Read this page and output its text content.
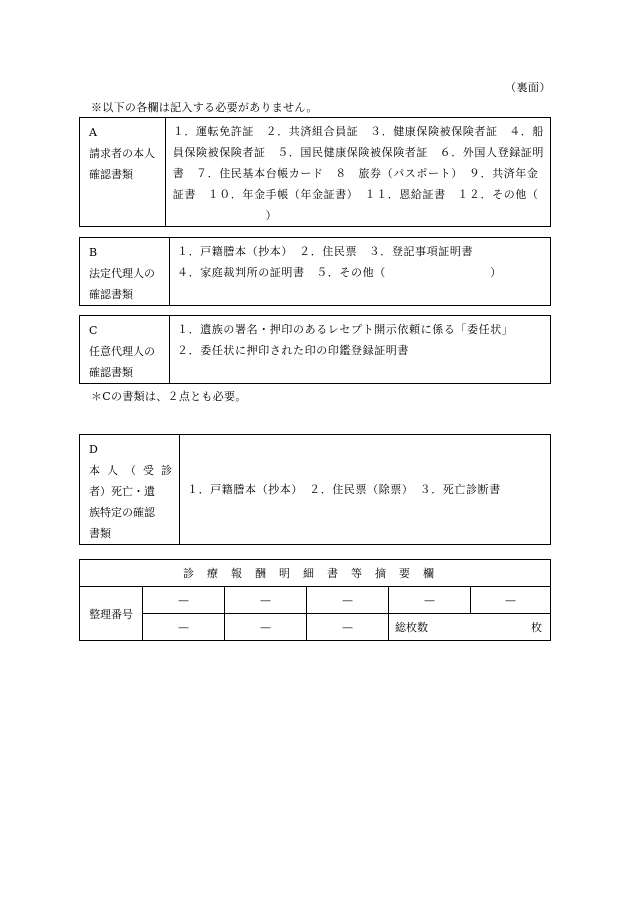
（裏面）
※以下の各欄は記入する必要がありません。
A
請求者の本人
確認書類

１．運転免許証　２．共済組合員証　３．健康保険被保険者証　４．船
員保険被保険者証　５．国民健康保険被保険者証　６．外国人登録証明
書　７．住民基本台帳カード　８　旅券（パスポート）　９．共済年金
証書　１０．年金手帳（年金証書）　１１．恩給証書　１２．その他（
　　　　　　　　）
B
法定代理人の
確認書類

１．戸籍謄本（抄本）　２．住民票　３．登記事項証明書
４．家庭裁判所の証明書　５．その他（　　　　　　　　　）
C
任意代理人の
確認書類

１．遺族の署名・押印のあるレセプト開示依頼に係る「委任状」
２．委任状に押印された印の印鑑登録証明書
＊Cの書類は、２点とも必要。
D
本人（受診
者）死亡・遺
族特定の確認
書類
	１．戸籍謄本（抄本）　２．住民票（除票）　３．死亡診断書
診療報酬明細書等摘要欄					
整理番号	—	—	—	—	—
	—	—	—	総枚数 枚	
